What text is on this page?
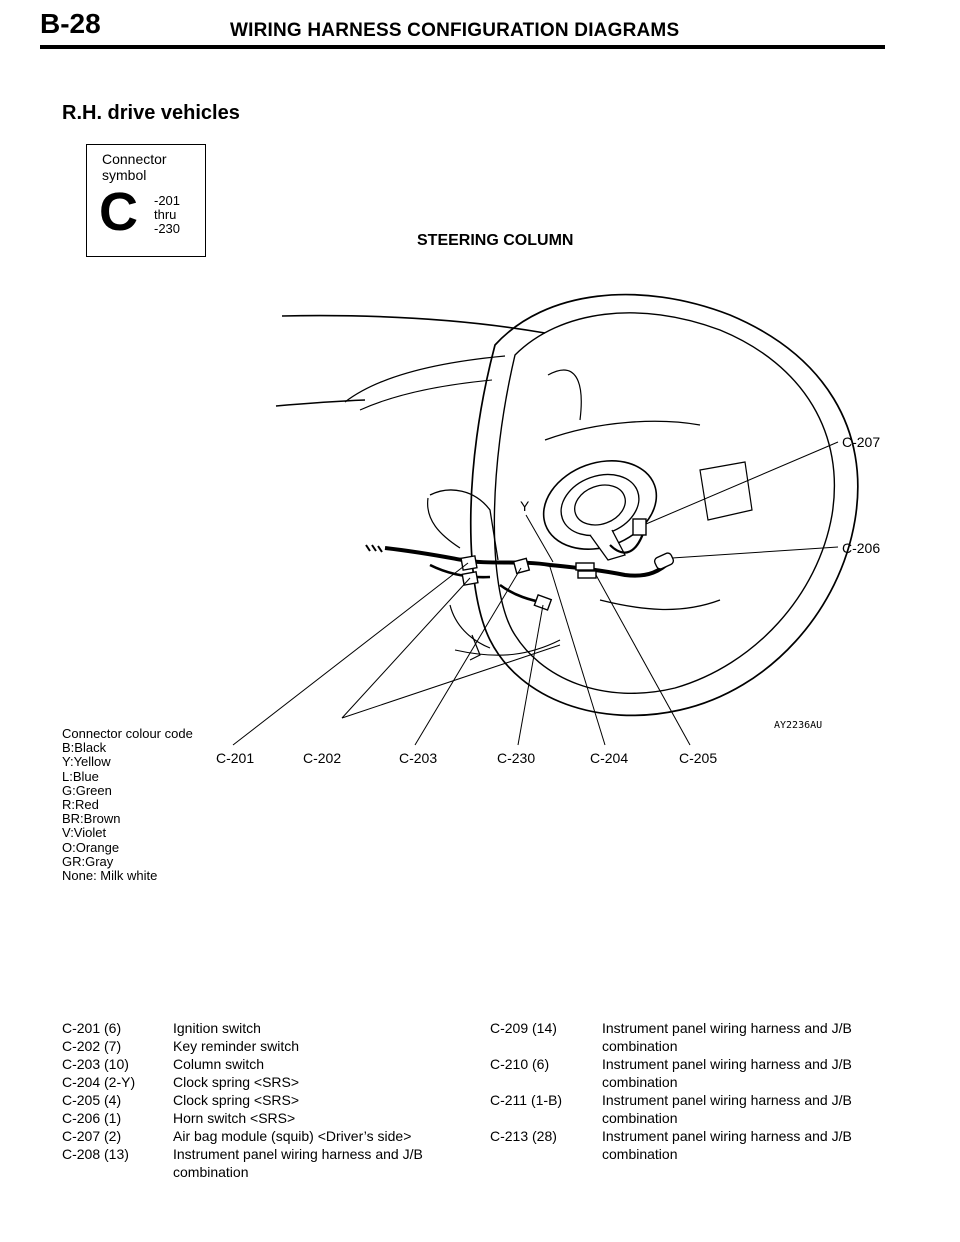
B-28	WIRING HARNESS CONFIGURATION DIAGRAMS
R.H. drive vehicles
Connector
symbol
C -201
thru
-230
STEERING COLUMN
Y
C-207
C-206
C-201	C-202	C-203	C-230	C-204	C-205
AY2236AU
Connector colour code
B:Black
Y:Yellow
L:Blue
G:Green
R:Red
BR:Brown
V:Violet
O:Orange
GR:Gray
None: Milk white
C-201 (6)	Ignition switch
C-202 (7)	Key reminder switch
C-203 (10)	Column switch
C-204 (2-Y)	Clock spring <SRS>
C-205 (4)	Clock spring <SRS>
C-206 (1)	Horn switch <SRS>
C-207 (2)	Air bag module (squib) <Driver’s side>
C-208 (13)	Instrument panel wiring harness and J/B
combination
C-209 (14)	Instrument panel wiring harness and J/B
combination
C-210 (6)	Instrument panel wiring harness and J/B
combination
C-211 (1-B)	Instrument panel wiring harness and J/B
combination
C-213 (28)	Instrument panel wiring harness and J/B
combination
